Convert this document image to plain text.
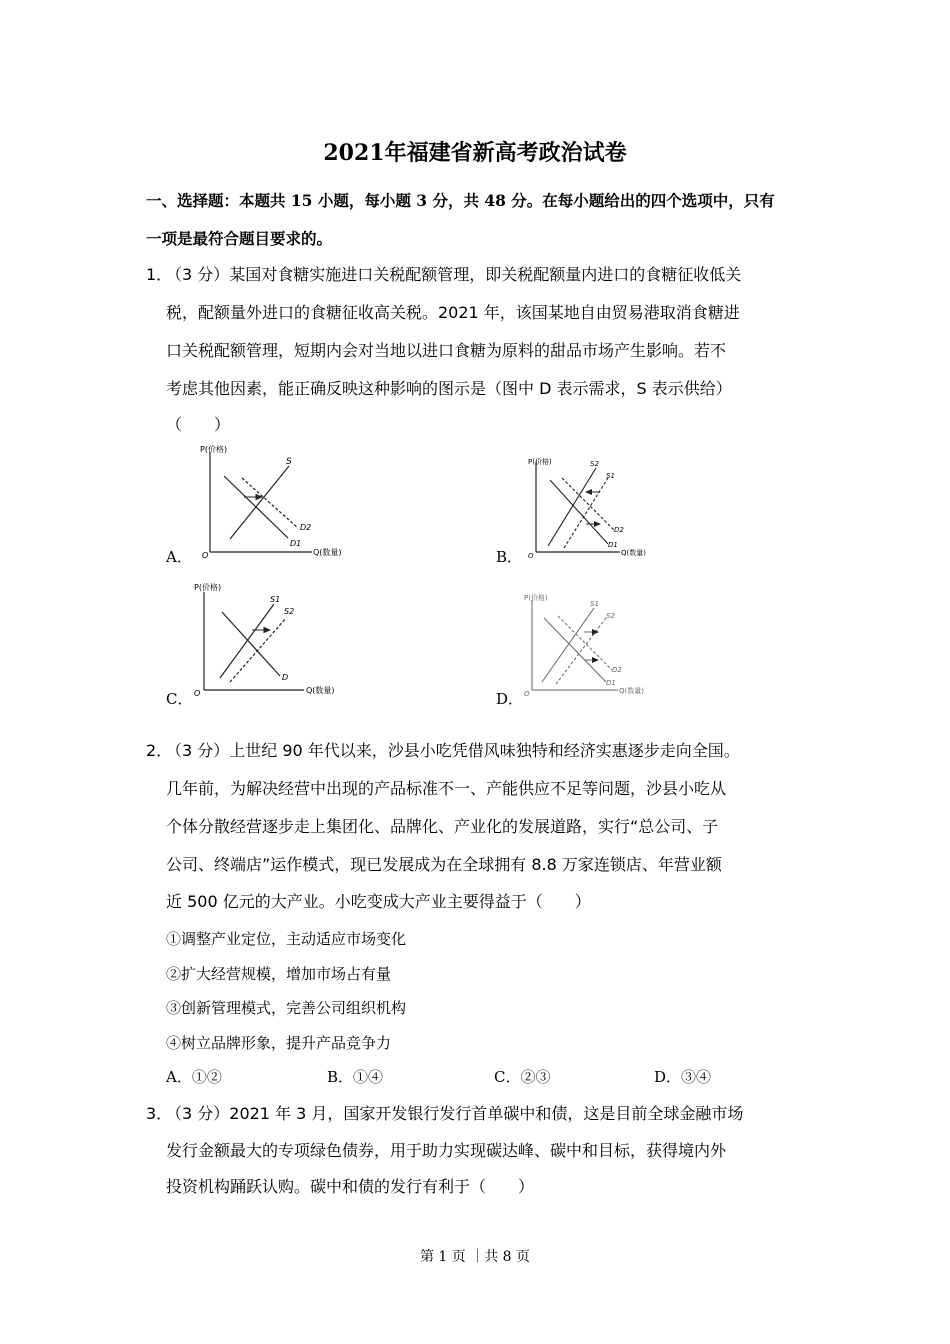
2021年福建省新高考政治试卷
一、选择题：本题共 15 小题，每小题 3 分，共 48 分。在每小题给出的四个选项中，只有
一项是最符合题目要求的。
1．
（3 分）某国对食糖实施进口关税配额管理，即关税配额量内进口的食糖征收低关
税，配额量外进口的食糖征收高关税。2021 年，该国某地自由贸易港取消食糖进
口关税配额管理，短期内会对当地以进口食糖为原料的甜品市场产生影响。若不
考虑其他因素，能正确反映这种影响的图示是（图中 D 表示需求，S 表示供给）
（　　）
A．	B．
C．	D．
P(价格)
Q(数量)
O
S
D1
D2
P(价格)
Q(数量)
O
S2
S1
D2
D1
P(价格)
Q(数量)
O
S1
S2
D
P(价格)
Q(数量)
O
S1
S2
D2
D1
2．
（3 分）上世纪 90 年代以来，沙县小吃凭借风味独特和经济实惠逐步走向全国。
几年前，为解决经营中出现的产品标准不一、产能供应不足等问题，沙县小吃从
个体分散经营逐步走上集团化、品牌化、产业化的发展道路，实行“总公司、子
公司、终端店”运作模式，现已发展成为在全球拥有 8.8 万家连锁店、年营业额
近 500 亿元的大产业。小吃变成大产业主要得益于（　　）
①调整产业定位，主动适应市场变化
②扩大经营规模，增加市场占有量
③创新管理模式，完善公司组织机构
④树立品牌形象，提升产品竞争力
A．①②	B．①④	C．②③	D．③④
3．
（3 分）2021 年 3 月，国家开发银行发行首单碳中和债，这是目前全球金融市场
发行金额最大的专项绿色债券，用于助力实现碳达峰、碳中和目标，获得境内外
投资机构踊跃认购。碳中和债的发行有利于（　　）
第 1 页 ｜共 8 页
